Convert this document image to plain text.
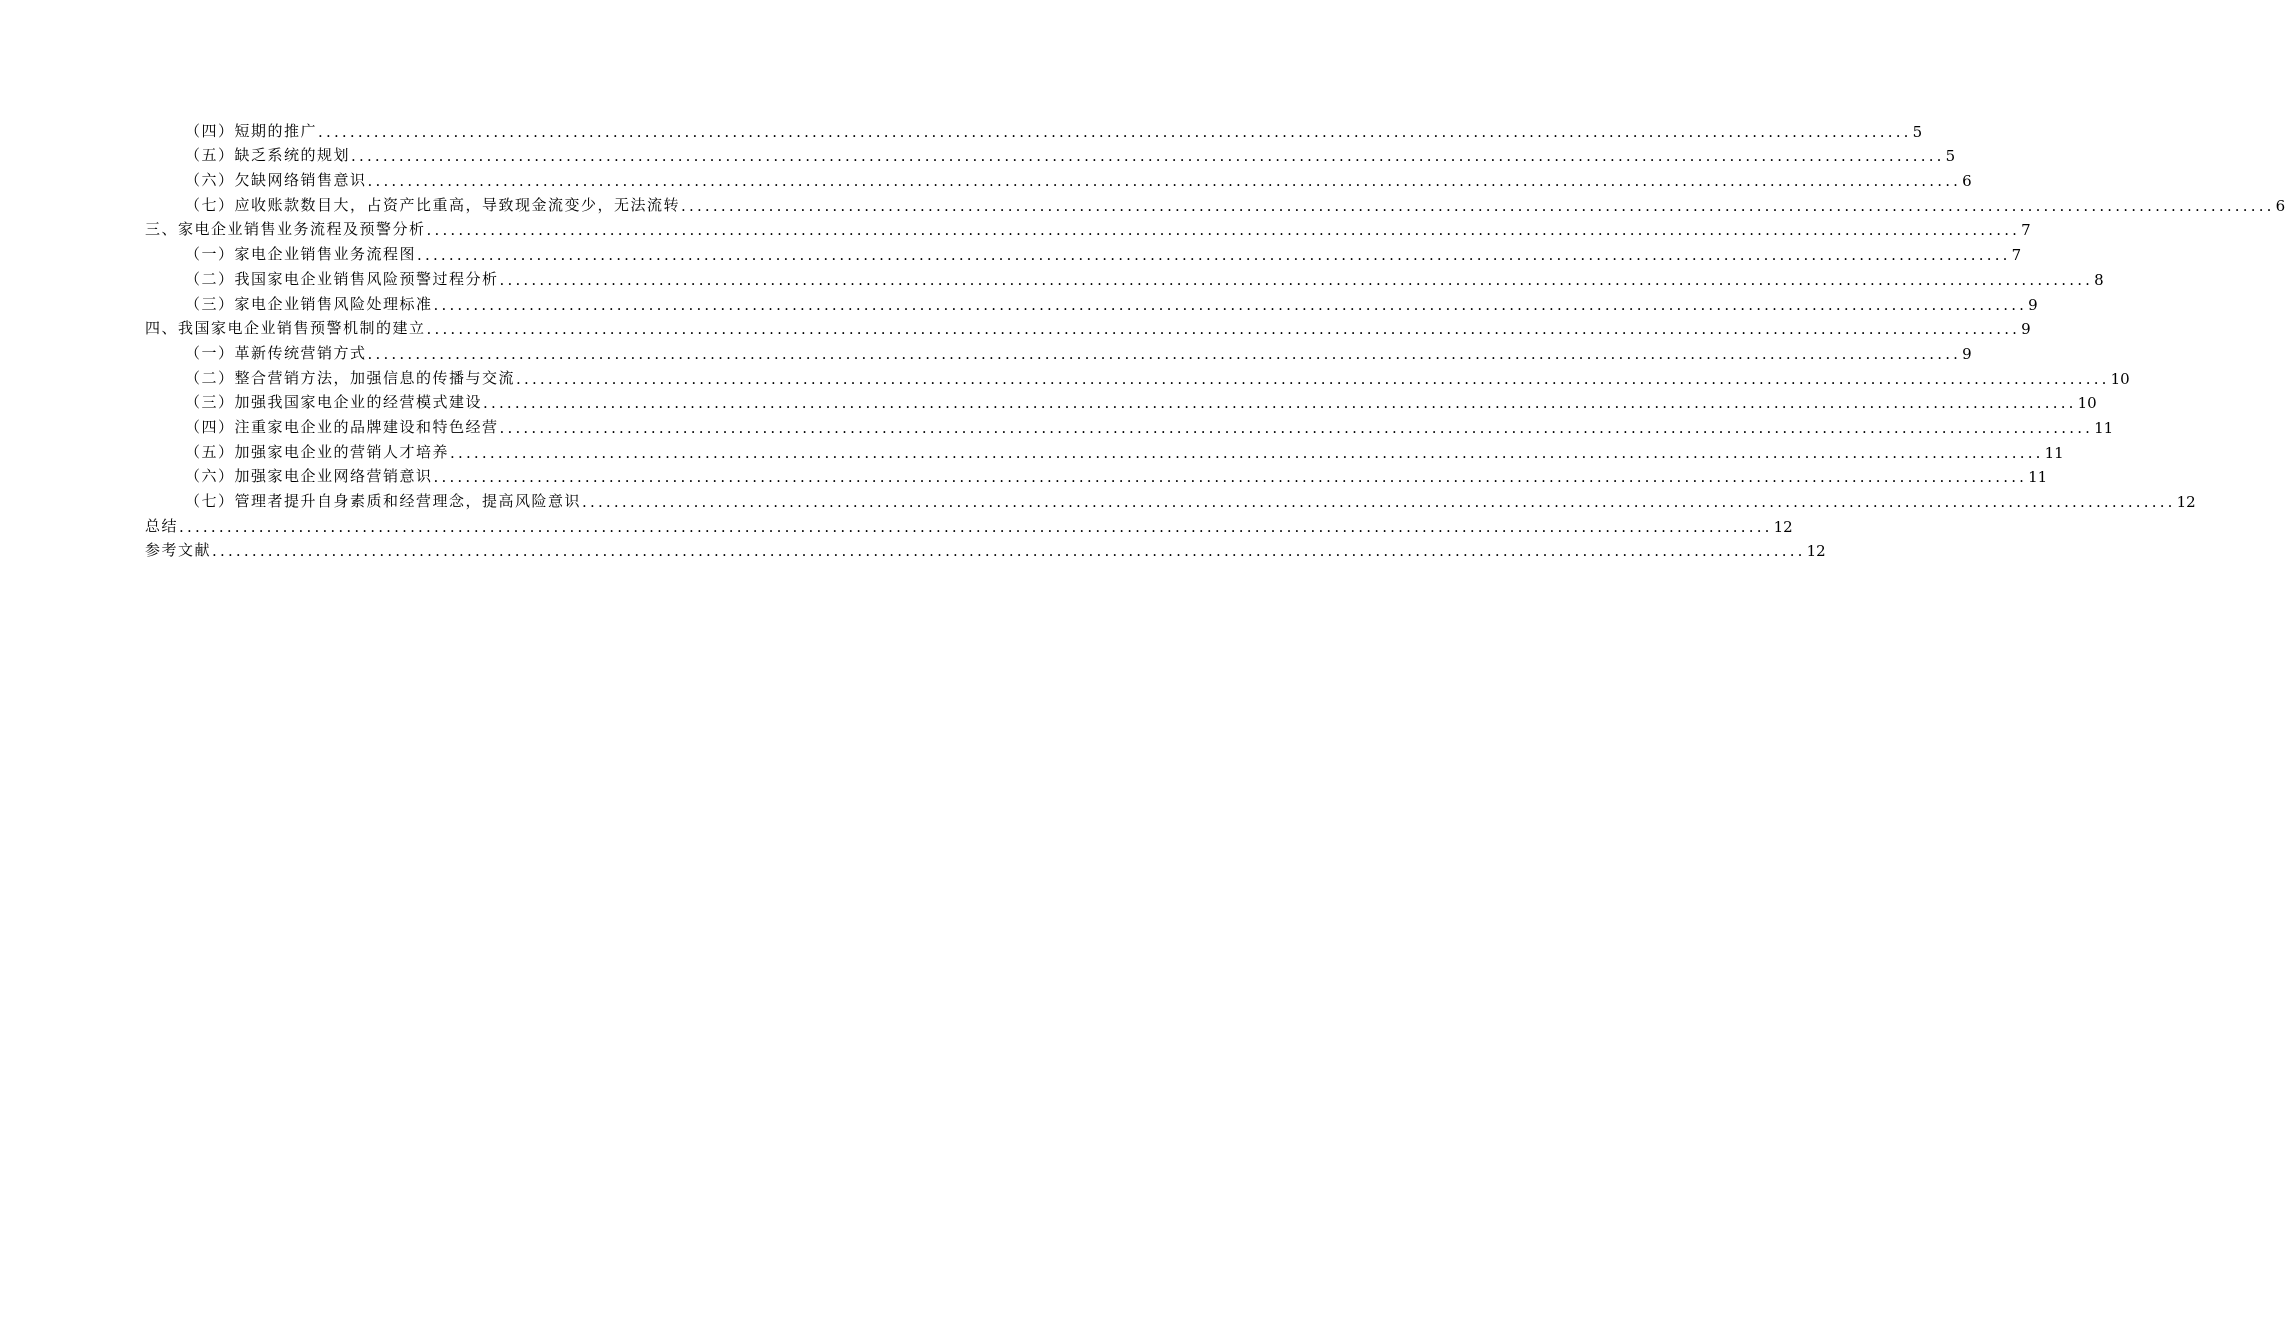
（四）短期的推广 ........................................................................................................................................................................................................ 5
（五）缺乏系统的规划 ........................................................................................................................................................................................................ 5
（六）欠缺网络销售意识 ........................................................................................................................................................................................................ 6
（七）应收账款数目大，占资产比重高，导致现金流变少，无法流转 ........................................................................................................................................................................................................ 6
三、家电企业销售业务流程及预警分析 ........................................................................................................................................................................................................ 7
（一）家电企业销售业务流程图 ........................................................................................................................................................................................................ 7
（二）我国家电企业销售风险预警过程分析 ........................................................................................................................................................................................................ 8
（三）家电企业销售风险处理标准 ........................................................................................................................................................................................................ 9
四、我国家电企业销售预警机制的建立 ........................................................................................................................................................................................................ 9
（一）革新传统营销方式 ........................................................................................................................................................................................................ 9
（二）整合营销方法，加强信息的传播与交流 ........................................................................................................................................................................................................ 10
（三）加强我国家电企业的经营模式建设 ........................................................................................................................................................................................................ 10
（四）注重家电企业的品牌建设和特色经营 ........................................................................................................................................................................................................ 11
（五）加强家电企业的营销人才培养 ........................................................................................................................................................................................................ 11
（六）加强家电企业网络营销意识 ........................................................................................................................................................................................................ 11
（七）管理者提升自身素质和经营理念，提高风险意识 ........................................................................................................................................................................................................ 12
总结 ........................................................................................................................................................................................................ 12
参考文献 ........................................................................................................................................................................................................ 12
